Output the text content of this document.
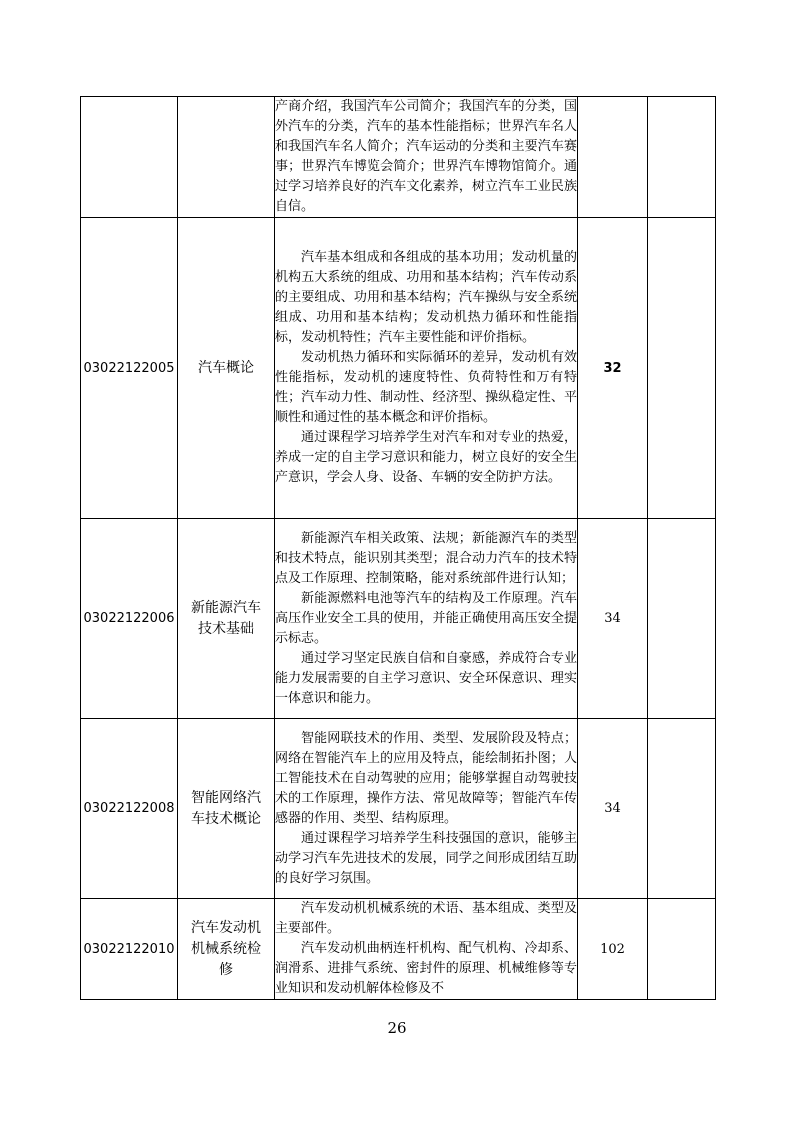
		产商介绍，我国汽车公司简介；我国汽车的分类，国外汽车的分类，汽车的基本性能指标；世界汽车名人和我国汽车名人简介；汽车运动的分类和主要汽车赛事；世界汽车博览会简介；世界汽车博物馆简介。通过学习培养良好的汽车文化素养，树立汽车工业民族自信。		

03022122005	汽车概论	汽车基本组成和各组成的基本功用；发动机量的机构五大系统的组成、功用和基本结构；汽车传动系的主要组成、功用和基本结构；汽车操纵与安全系统组成、功用和基本结构；发动机热力循环和性能指标，发动机特性；汽车主要性能和评价指标。

发动机热力循环和实际循环的差异，发动机有效性能指标，发动机的速度特性、负荷特性和万有特性；汽车动力性、制动性、经济型、操纵稳定性、平顺性和通过性的基本概念和评价指标。

通过课程学习培养学生对汽车和对专业的热爱，养成一定的自主学习意识和能力，树立良好的安全生产意识，学会人身、设备、车辆的安全防护方法。	32	
03022122006	新能源汽车技术基础	新能源汽车相关政策、法规；新能源汽车的类型和技术特点，能识别其类型；混合动力汽车的技术特点及工作原理、控制策略，能对系统部件进行认知；

新能源燃料电池等汽车的结构及工作原理。汽车高压作业安全工具的使用，并能正确使用高压安全提示标志。

通过学习坚定民族自信和自豪感，养成符合专业能力发展需要的自主学习意识、安全环保意识、理实一体意识和能力。	34	
03022122008	智能网络汽车技术概论	智能网联技术的作用、类型、发展阶段及特点；网络在智能汽车上的应用及特点，能绘制拓扑图；人工智能技术在自动驾驶的应用；能够掌握自动驾驶技术的工作原理，操作方法、常见故障等；智能汽车传感器的作用、类型、结构原理。

通过课程学习培养学生科技强国的意识，能够主动学习汽车先进技术的发展，同学之间形成团结互助的良好学习氛围。	34	
03022122010	汽车发动机机械系统检修	汽车发动机机械系统的术语、基本组成、类型及主要部件。

汽车发动机曲柄连杆机构、配气机构、冷却系、润滑系、进排气系统、密封件的原理、机械维修等专业知识和发动机解体检修及不	102	
26
